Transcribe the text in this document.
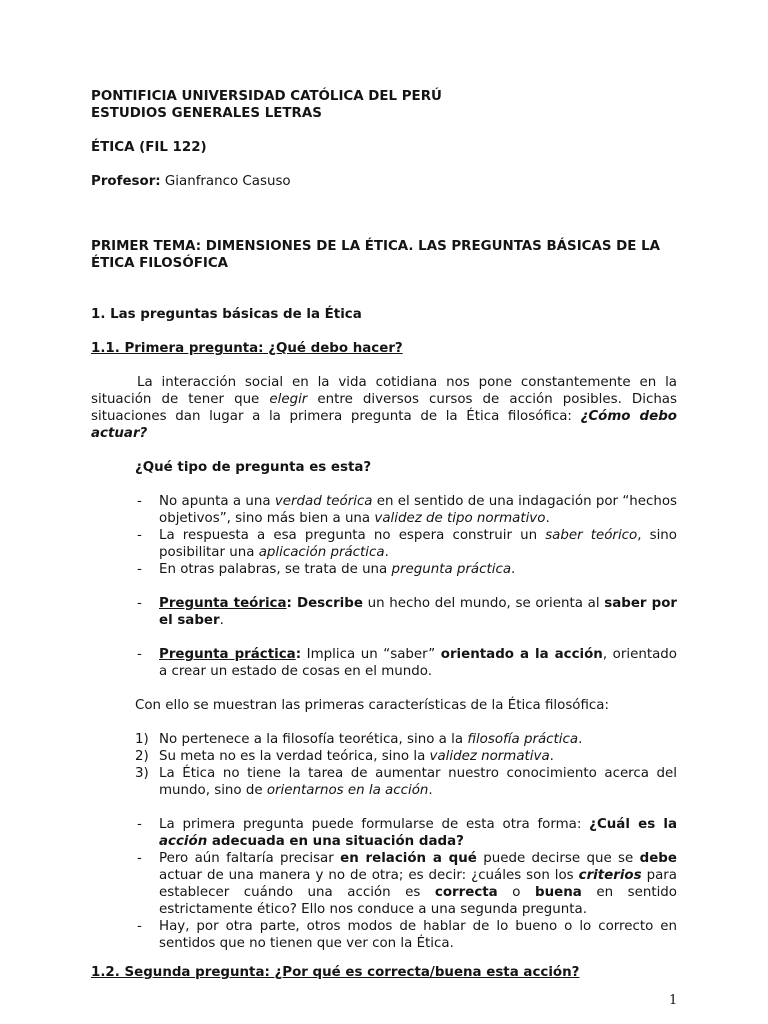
PONTIFICIA UNIVERSIDAD CATÓLICA DEL PERÚ

ESTUDIOS GENERALES LETRAS

ÉTICA (FIL 122)

Profesor: Gianfranco Casuso

PRIMER TEMA: DIMENSIONES DE LA ÉTICA. LAS PREGUNTAS BÁSICAS DE LA ÉTICA FILOSÓFICA

1. Las preguntas básicas de la Ética

1.1. Primera pregunta: ¿Qué debo hacer?

La interacción social en la vida cotidiana nos pone constantemente en la situación de tener que elegir entre diversos cursos de acción posibles. Dichas situaciones dan lugar a la primera pregunta de la Ética filosófica: ¿Cómo debo actuar?

¿Qué tipo de pregunta es esta?

- No apunta a una verdad teórica en el sentido de una indagación por “hechos objetivos”, sino más bien a una validez de tipo normativo.
- La respuesta a esa pregunta no espera construir un saber teórico, sino posibilitar una aplicación práctica.
- En otras palabras, se trata de una pregunta práctica.
- Pregunta teórica: Describe un hecho del mundo, se orienta al saber por el saber.
- Pregunta práctica: Implica un “saber” orientado a la acción, orientado a crear un estado de cosas en el mundo.

Con ello se muestran las primeras características de la Ética filosófica:

1) No pertenece a la filosofía teorética, sino a la filosofía práctica.
2) Su meta no es la verdad teórica, sino la validez normativa.
3) La Ética no tiene la tarea de aumentar nuestro conocimiento acerca del mundo, sino de orientarnos en la acción.
- La primera pregunta puede formularse de esta otra forma: ¿Cuál es la acción adecuada en una situación dada?
- Pero aún faltaría precisar en relación a qué puede decirse que se debe actuar de una manera y no de otra; es decir: ¿cuáles son los criterios para establecer cuándo una acción es correcta o buena en sentido estrictamente ético? Ello nos conduce a una segunda pregunta.
- Hay, por otra parte, otros modos de hablar de lo bueno o lo correcto en sentidos que no tienen que ver con la Ética.

1.2. Segunda pregunta: ¿Por qué es correcta/buena esta acción?

1
